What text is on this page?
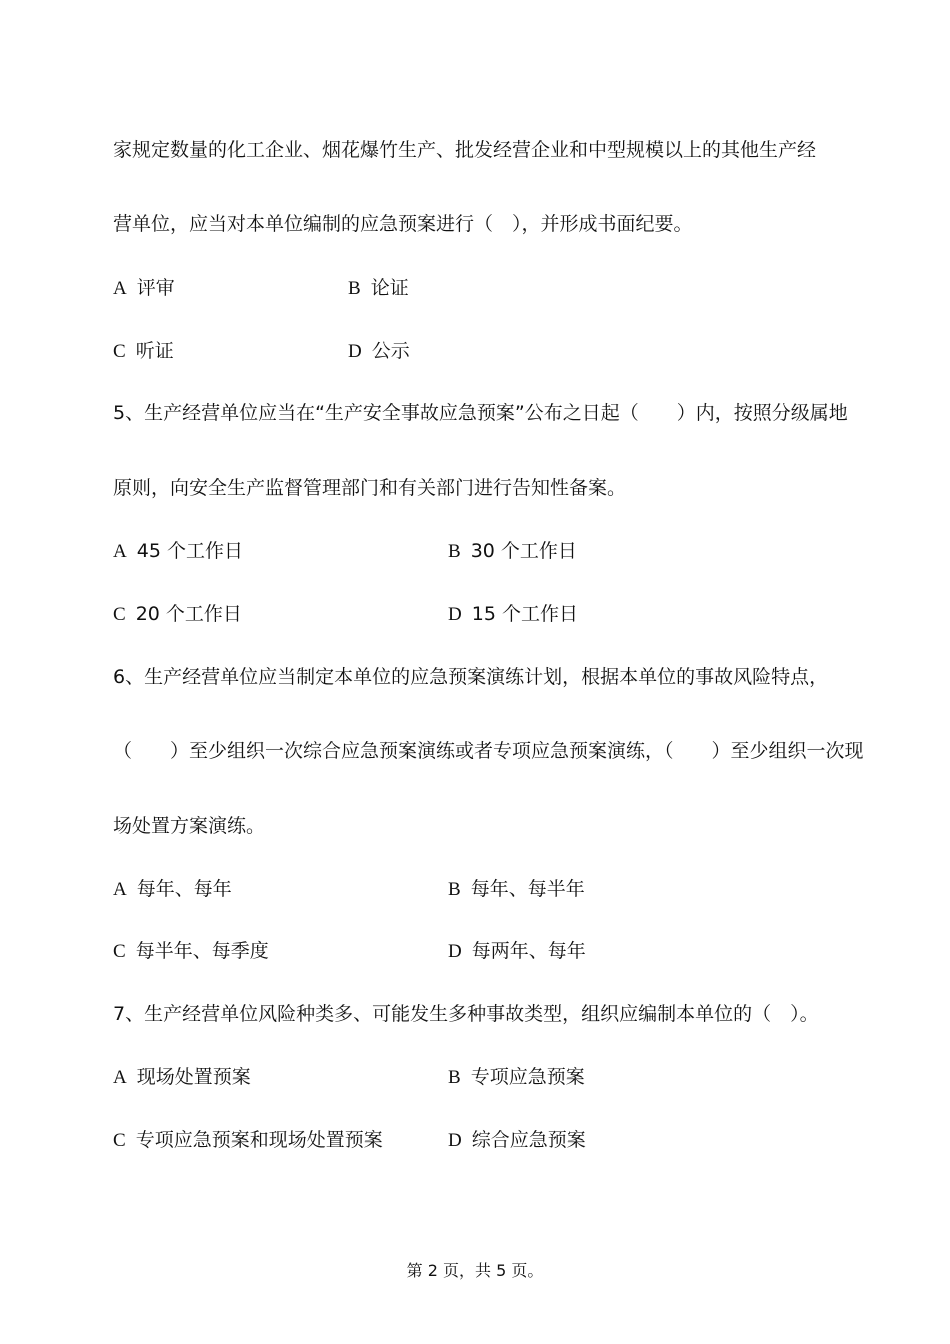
家规定数量的化工企业、烟花爆竹生产、批发经营企业和中型规模以上的其他生产经
营单位，应当对本单位编制的应急预案进行（　），并形成书面纪要。
A 评审	B 论证
C 听证	D 公示
5、生产经营单位应当在“生产安全事故应急预案”公布之日起（　　）内，按照分级属地
原则，向安全生产监督管理部门和有关部门进行告知性备案。
A 45 个工作日	B 30 个工作日
C 20 个工作日	D 15 个工作日
6、生产经营单位应当制定本单位的应急预案演练计划，根据本单位的事故风险特点，
（　　）至少组织一次综合应急预案演练或者专项应急预案演练，（　　）至少组织一次现
场处置方案演练。
A 每年、每年	B 每年、每半年
C 每半年、每季度	D 每两年、每年
7、生产经营单位风险种类多、可能发生多种事故类型，组织应编制本单位的（　）。
A 现场处置预案	B 专项应急预案
C 专项应急预案和现场处置预案	D 综合应急预案
第 2 页，共 5 页。
